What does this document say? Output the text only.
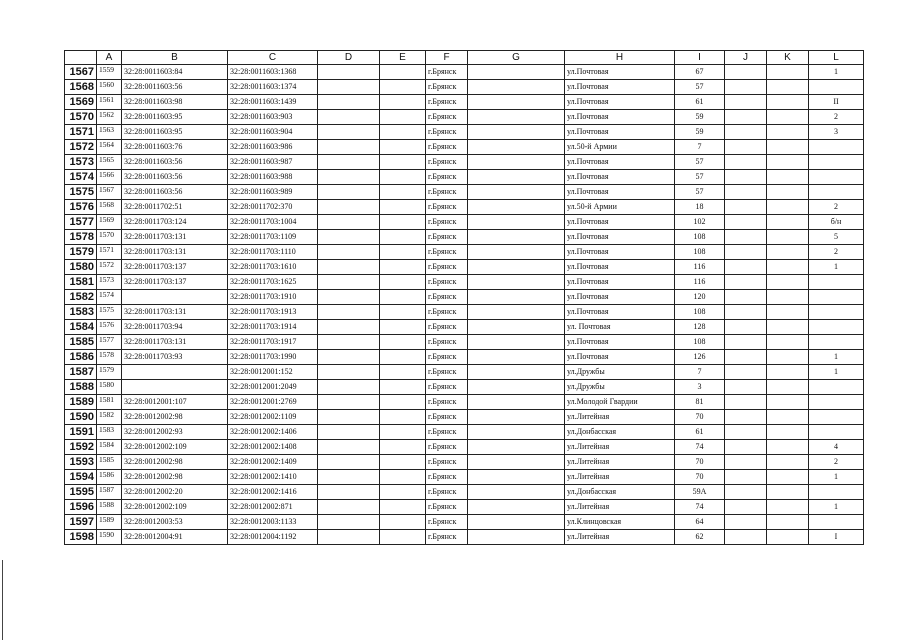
	A	B	C	D	E	F	G	H	I	J	K	L
1567	1559	32:28:0011603:84	32:28:0011603:1368			г.Брянск		ул.Почтовая	67			1
1568	1560	32:28:0011603:56	32:28:0011603:1374			г.Брянск		ул.Почтовая	57			
1569	1561	32:28:0011603:98	32:28:0011603:1439			г.Брянск		ул.Почтовая	61			II
1570	1562	32:28:0011603:95	32:28:0011603:903			г.Брянск		ул.Почтовая	59			2
1571	1563	32:28:0011603:95	32:28:0011603:904			г.Брянск		ул.Почтовая	59			3
1572	1564	32:28:0011603:76	32:28:0011603:986			г.Брянск		ул.50-й Армии	7			
1573	1565	32:28:0011603:56	32:28:0011603:987			г.Брянск		ул.Почтовая	57			
1574	1566	32:28:0011603:56	32:28:0011603:988			г.Брянск		ул.Почтовая	57			
1575	1567	32:28:0011603:56	32:28:0011603:989			г.Брянск		ул.Почтовая	57			
1576	1568	32:28:0011702:51	32:28:0011702:370			г.Брянск		ул.50-й Армии	18			2
1577	1569	32:28:0011703:124	32:28:0011703:1004			г.Брянск		ул.Почтовая	102			б/н
1578	1570	32:28:0011703:131	32:28:0011703:1109			г.Брянск		ул.Почтовая	108			5
1579	1571	32:28:0011703:131	32:28:0011703:1110			г.Брянск		ул.Почтовая	108			2
1580	1572	32:28:0011703:137	32:28:0011703:1610			г.Брянск		ул.Почтовая	116			1
1581	1573	32:28:0011703:137	32:28:0011703:1625			г.Брянск		ул.Почтовая	116			
1582	1574		32:28:0011703:1910			г.Брянск		ул.Почтовая	120			
1583	1575	32:28:0011703:131	32:28:0011703:1913			г.Брянск		ул.Почтовая	108			
1584	1576	32:28:0011703:94	32:28:0011703:1914			г.Брянск		ул. Почтовая	128			
1585	1577	32:28:0011703:131	32:28:0011703:1917			г.Брянск		ул.Почтовая	108			
1586	1578	32:28:0011703:93	32:28:0011703:1990			г.Брянск		ул.Почтовая	126			1
1587	1579		32:28:0012001:152			г.Брянск		ул.Дружбы	7			1
1588	1580		32:28:0012001:2049			г.Брянск		ул.Дружбы	3			
1589	1581	32:28:0012001:107	32:28:0012001:2769			г.Брянск		ул.Молодой Гвардии	81			
1590	1582	32:28:0012002:98	32:28:0012002:1109			г.Брянск		ул.Литейная	70			
1591	1583	32:28:0012002:93	32:28:0012002:1406			г.Брянск		ул.Донбасская	61			
1592	1584	32:28:0012002:109	32:28:0012002:1408			г.Брянск		ул.Литейная	74			4
1593	1585	32:28:0012002:98	32:28:0012002:1409			г.Брянск		ул.Литейная	70			2
1594	1586	32:28:0012002:98	32:28:0012002:1410			г.Брянск		ул.Литейная	70			1
1595	1587	32:28:0012002:20	32:28:0012002:1416			г.Брянск		ул.Донбасская	59А			
1596	1588	32:28:0012002:109	32:28:0012002:871			г.Брянск		ул.Литейная	74			1
1597	1589	32:28:0012003:53	32:28:0012003:1133			г.Брянск		ул.Клинцовская	64			
1598	1590	32:28:0012004:91	32:28:0012004:1192			г.Брянск		ул.Литейная	62			I
